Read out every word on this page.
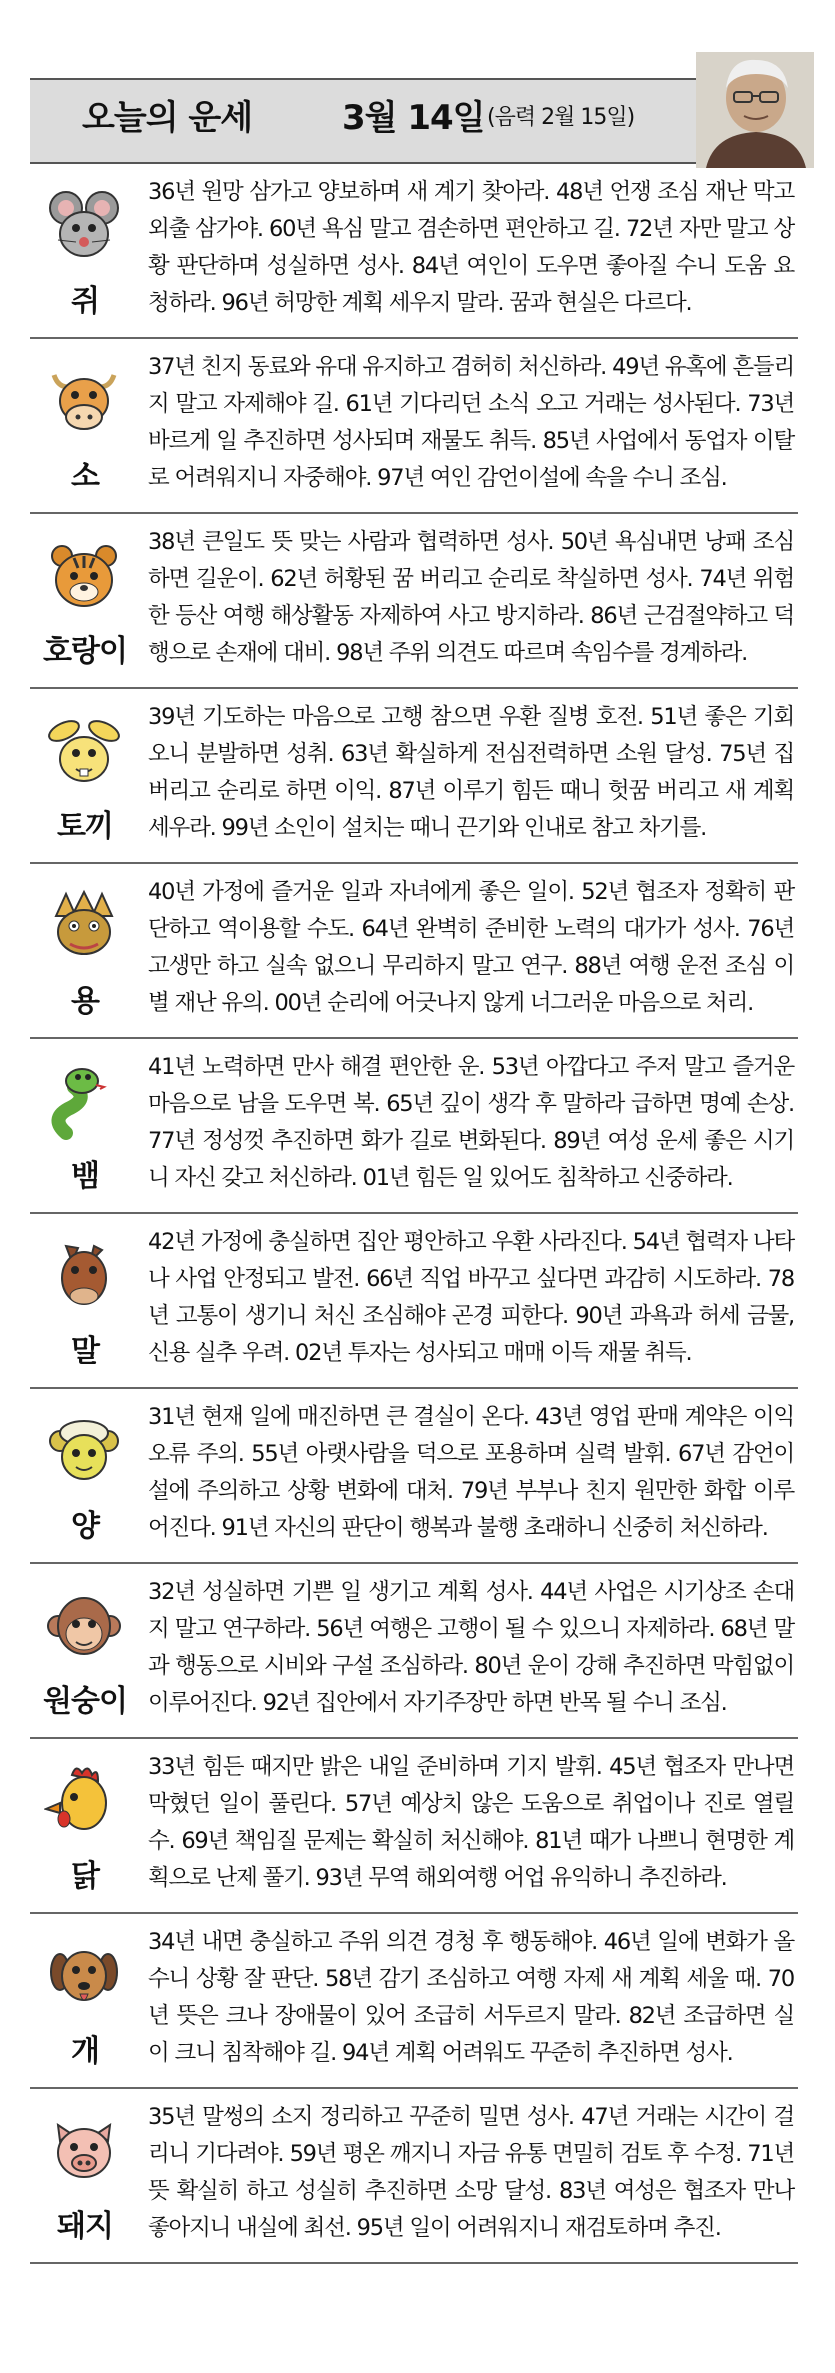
오늘의 운세	3월 14일 (음력 2월 15일)
쥐
36년 원망 삼가고 양보하며 새 계기 찾아라. 48년 언쟁 조심 재난 막고 외출 삼가야. 60년 욕심 말고 겸손하면 편안하고 길. 72년 자만 말고 상황 판단하며 성실하면 성사. 84년 여인이 도우면 좋아질 수니 도움 요청하라. 96년 허망한 계획 세우지 말라. 꿈과 현실은 다르다.
소
37년 친지 동료와 유대 유지하고 겸허히 처신하라. 49년 유혹에 흔들리지 말고 자제해야 길. 61년 기다리던 소식 오고 거래는 성사된다. 73년 바르게 일 추진하면 성사되며 재물도 취득. 85년 사업에서 동업자 이탈로 어려워지니 자중해야. 97년 여인 감언이설에 속을 수니 조심.
호랑이
38년 큰일도 뜻 맞는 사람과 협력하면 성사. 50년 욕심내면 낭패 조심하면 길운이. 62년 허황된 꿈 버리고 순리로 착실하면 성사. 74년 위험한 등산 여행 해상활동 자제하여 사고 방지하라. 86년 근검절약하고 덕행으로 손재에 대비. 98년 주위 의견도 따르며 속임수를 경계하라.
토끼
39년 기도하는 마음으로 고행 참으면 우환 질병 호전. 51년 좋은 기회오니 분발하면 성취. 63년 확실하게 전심전력하면 소원 달성. 75년 집 버리고 순리로 하면 이익. 87년 이루기 힘든 때니 헛꿈 버리고 새 계획 세우라. 99년 소인이 설치는 때니 끈기와 인내로 참고 차기를.
용
40년 가정에 즐거운 일과 자녀에게 좋은 일이. 52년 협조자 정확히 판단하고 역이용할 수도. 64년 완벽히 준비한 노력의 대가가 성사. 76년 고생만 하고 실속 없으니 무리하지 말고 연구. 88년 여행 운전 조심 이별 재난 유의. 00년 순리에 어긋나지 않게 너그러운 마음으로 처리.
뱀
41년 노력하면 만사 해결 편안한 운. 53년 아깝다고 주저 말고 즐거운 마음으로 남을 도우면 복. 65년 깊이 생각 후 말하라 급하면 명예 손상. 77년 정성껏 추진하면 화가 길로 변화된다. 89년 여성 운세 좋은 시기니 자신 갖고 처신하라. 01년 힘든 일 있어도 침착하고 신중하라.
말
42년 가정에 충실하면 집안 평안하고 우환 사라진다. 54년 협력자 나타나 사업 안정되고 발전. 66년 직업 바꾸고 싶다면 과감히 시도하라. 78년 고통이 생기니 처신 조심해야 곤경 피한다. 90년 과욕과 허세 금물, 신용 실추 우려. 02년 투자는 성사되고 매매 이득 재물 취득.
양
31년 현재 일에 매진하면 큰 결실이 온다. 43년 영업 판매 계약은 이익 오류 주의. 55년 아랫사람을 덕으로 포용하며 실력 발휘. 67년 감언이설에 주의하고 상황 변화에 대처. 79년 부부나 친지 원만한 화합 이루어진다. 91년 자신의 판단이 행복과 불행 초래하니 신중히 처신하라.
원숭이
32년 성실하면 기쁜 일 생기고 계획 성사. 44년 사업은 시기상조 손대지 말고 연구하라. 56년 여행은 고행이 될 수 있으니 자제하라. 68년 말과 행동으로 시비와 구설 조심하라. 80년 운이 강해 추진하면 막힘없이 이루어진다. 92년 집안에서 자기주장만 하면 반목 될 수니 조심.
닭
33년 힘든 때지만 밝은 내일 준비하며 기지 발휘. 45년 협조자 만나면 막혔던 일이 풀린다. 57년 예상치 않은 도움으로 취업이나 진로 열릴 수. 69년 책임질 문제는 확실히 처신해야. 81년 때가 나쁘니 현명한 계획으로 난제 풀기. 93년 무역 해외여행 어업 유익하니 추진하라.
개
34년 내면 충실하고 주위 의견 경청 후 행동해야. 46년 일에 변화가 올 수니 상황 잘 판단. 58년 감기 조심하고 여행 자제 새 계획 세울 때. 70년 뜻은 크나 장애물이 있어 조급히 서두르지 말라. 82년 조급하면 실이 크니 침착해야 길. 94년 계획 어려워도 꾸준히 추진하면 성사.
돼지
35년 말썽의 소지 정리하고 꾸준히 밀면 성사. 47년 거래는 시간이 걸리니 기다려야. 59년 평온 깨지니 자금 유통 면밀히 검토 후 수정. 71년 뜻 확실히 하고 성실히 추진하면 소망 달성. 83년 여성은 협조자 만나 좋아지니 내실에 최선. 95년 일이 어려워지니 재검토하며 추진.
